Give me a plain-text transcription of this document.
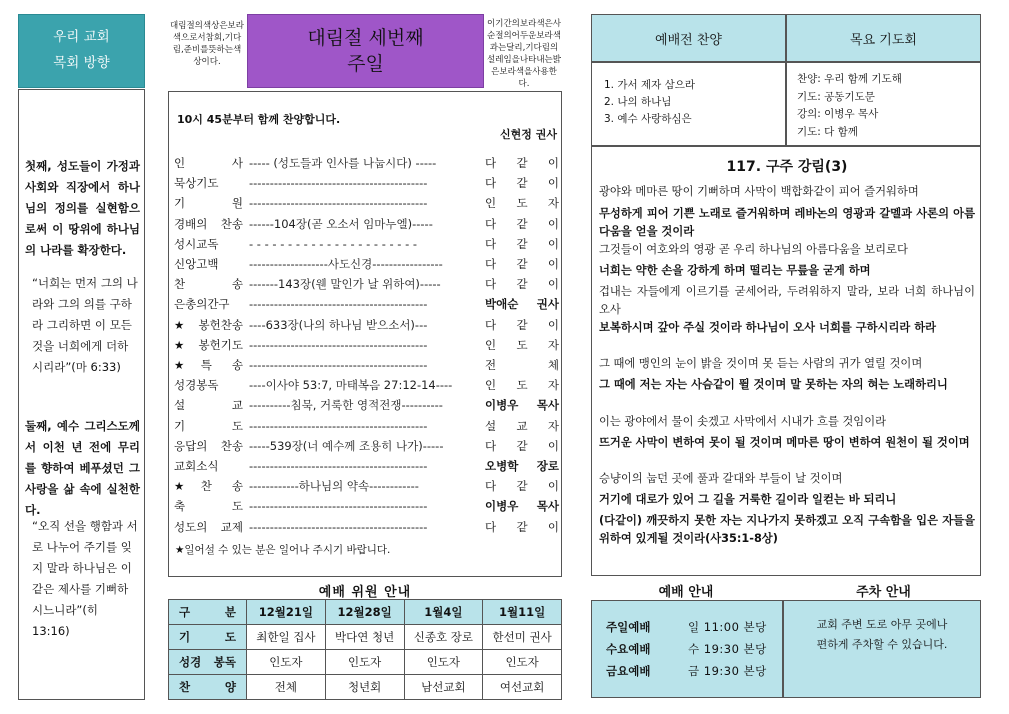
우리 교회
목회 방향
첫째, 성도들이 가정과 사회와 직장에서 하나님의 정의를 실현함으로써 이 땅위에 하나님의 나라를 확장한다.
“너희는 먼저 그의 나라와 그의 의를 구하라 그리하면 이 모든 것을 너희에게 더하시리라”(마 6:33)
둘째, 예수 그리스도께서 이천 년 전에 무리를 향하여 베푸셨던 그 사랑을 삶 속에 실천한다.
“오직 선을 행함과 서로 나누어 주기를 잊지 말라 하나님은 이 같은 제사를 기뻐하시느니라”(히 13:16)
대림절의색상은보라색으로서참회,기다림,준비를뜻하는색상이다.
대림절 세번째
주일
이기간의보라색은사순절의어두운보라색과는달리,기다림의설레임을나타내는밝은보라색을사용한다.
10시 45분부터 함께 찬양합니다.
신현정 권사
인 사 ----- (성도들과 인사를 나눕시다) -----	다 같 이
묵상기도	-------------------------------------------	다 같 이
기 원 -------------------------------------------	인 도 자
경배의 찬송 ------104장(곧 오소서 임마누엘)-----	다 같 이
성시교독	- - - - - - - - - - - - - - - - - - - - - -	다 같 이
신앙고백	-------------------사도신경-----------------	다 같 이
찬 송 -------143장(웬 말인가 날 위하여)-----	다 같 이
은총의간구	-------------------------------------------	박애순 권사
★봉헌찬송 ----633장(나의 하나님 받으소서)---	다 같 이
★봉헌기도 -------------------------------------------	인 도 자
★특 송 -------------------------------------------	전 체
성경봉독	----이사야 53:7, 마태복음 27:12-14----	인 도 자
설 교 ----------침묵, 거룩한 영적전쟁----------	이병우 목사
기 도 -------------------------------------------	설 교 자
응답의 찬송 -----539장(너 예수께 조용히 나가)-----	다 같 이
교회소식	-------------------------------------------	오병학 장로
★찬 송 ------------하나님의 약속------------	다 같 이
축 도 -------------------------------------------	이병우 목사
성도의 교제 -------------------------------------------	다 같 이
★일어설 수 있는 분은 일어나 주시기 바랍니다.
예배 위원 안내
구 분	12월21일	12월28일	1월4일	1월11일
기 도	최한일 집사	박다연 청년	신종호 장로	한선미 권사
성경 봉독	인도자	인도자	인도자	인도자
찬 양	전체	청년회	남선교회	여선교회
예배전 찬양	목요 기도회
1. 가서 제자 삼으라
2. 나의 하나님
3. 예수 사랑하심은
찬양: 우리 함께 기도해
기도: 공동기도문
강의: 이병우 목사
기도: 다 함께
117. 구주 강림(3)
광야와 메마른 땅이 기뻐하며 사막이 백합화같이 피어 즐거워하며
무성하게 피어 기쁜 노래로 즐거워하며 레바논의 영광과 갈멜과 사론의 아름다움을 얻을 것이라
그것들이 여호와의 영광 곧 우리 하나님의 아름다움을 보리로다
너희는 약한 손을 강하게 하며 떨리는 무릎을 굳게 하며
겁내는 자들에게 이르기를 굳세어라, 두려워하지 말라, 보라 너희 하나님이 오사
보복하시며 갚아 주실 것이라 하나님이 오사 너희를 구하시리라 하라
그 때에 맹인의 눈이 밝을 것이며 못 듣는 사람의 귀가 열릴 것이며
그 때에 저는 자는 사슴같이 뛸 것이며 말 못하는 자의 혀는 노래하리니
이는 광야에서 물이 솟겠고 사막에서 시내가 흐를 것임이라
뜨거운 사막이 변하여 못이 될 것이며 메마른 땅이 변하여 원천이 될 것이며
승냥이의 눕던 곳에 풀과 갈대와 부들이 날 것이며
거기에 대로가 있어 그 길을 거룩한 길이라 일컫는 바 되리니
(다같이) 깨끗하지 못한 자는 지나가지 못하겠고 오직 구속함을 입은 자들을 위하여 있게될 것이라(사35:1-8상)
예배 안내	주차 안내
주일예배	일 11:00 본당
수요예배	수 19:30 본당
금요예배	금 19:30 본당
교회 주변 도로 아무 곳에나
편하게 주차할 수 있습니다.
